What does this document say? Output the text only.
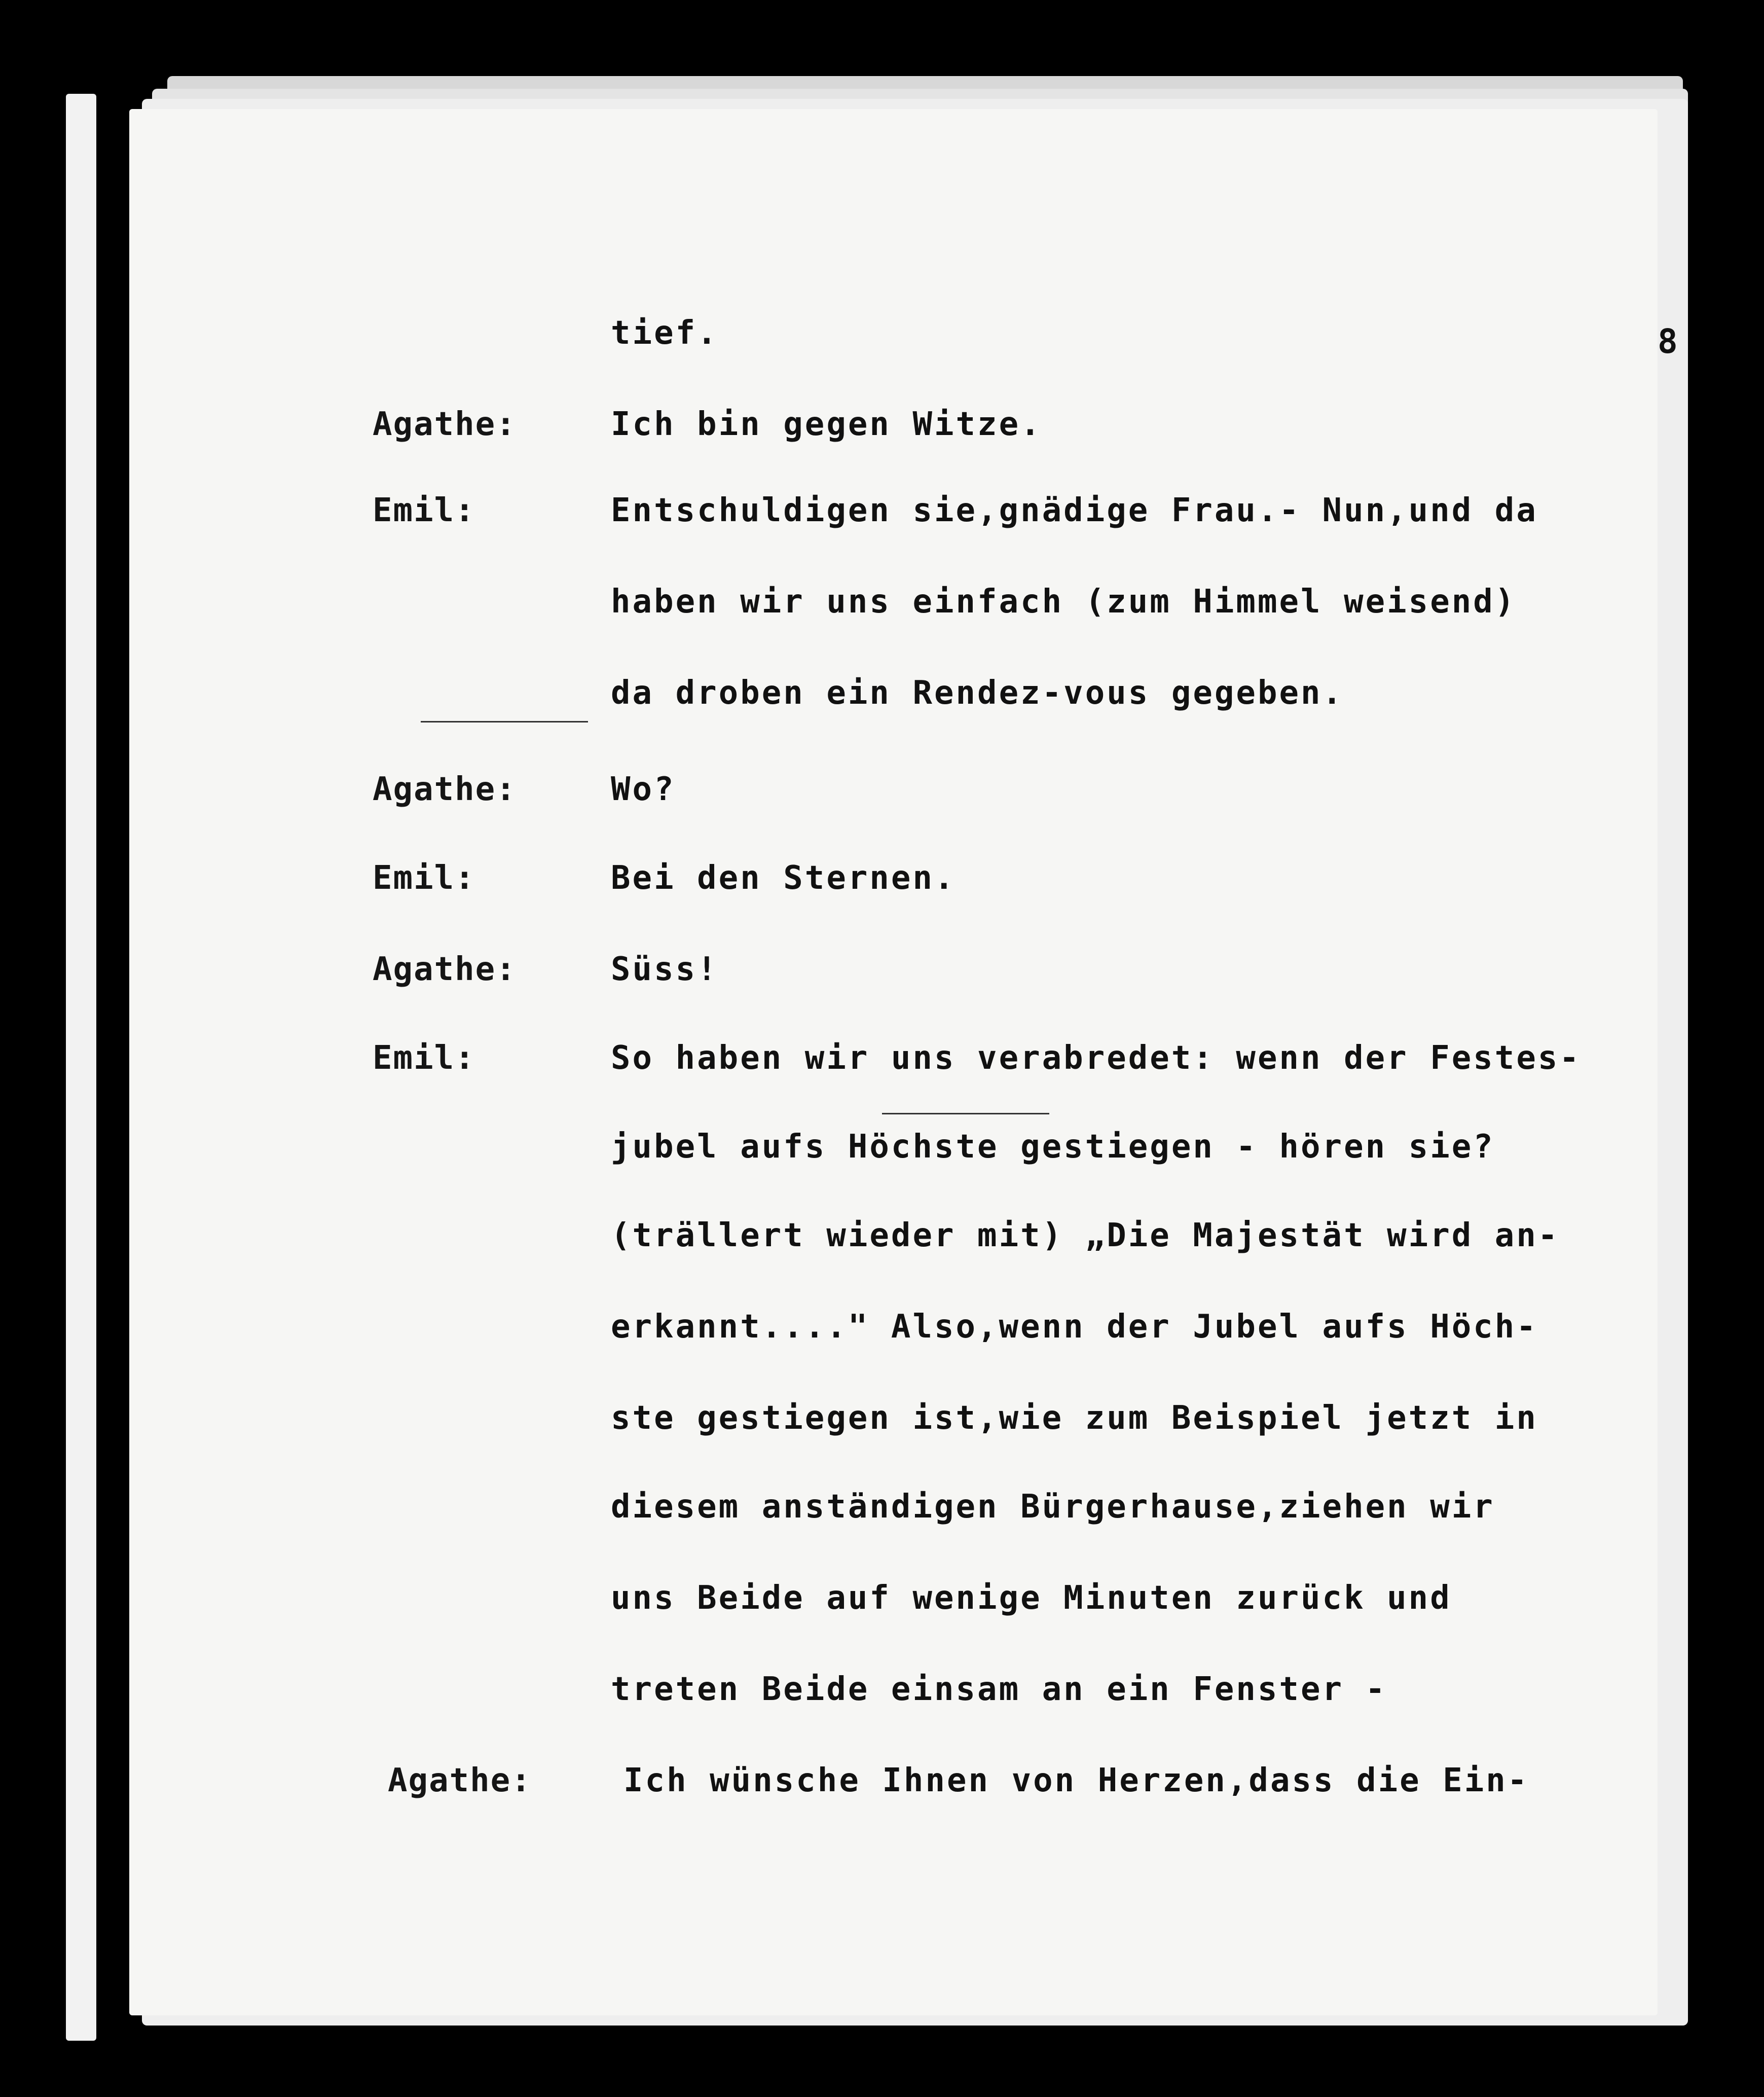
8
tief.
Agathe:	Ich bin gegen Witze.
Emil:	Entschuldigen sie,gnädige Frau.- Nun,und da
haben wir uns einfach (zum Himmel weisend)
da droben ein Rendez-vous gegeben.
Agathe:	Wo?
Emil:	Bei den Sternen.
Agathe:	Süss!
Emil:	So haben wir uns verabredet: wenn der Festes-
jubel aufs Höchste gestiegen - hören sie?
(trällert wieder mit) „Die Majestät wird an-
erkannt...." Also,wenn der Jubel aufs Höch-
ste gestiegen ist,wie zum Beispiel jetzt in
diesem anständigen Bürgerhause,ziehen wir
uns Beide auf wenige Minuten zurück und
treten Beide einsam an ein Fenster -
Agathe:	Ich wünsche Ihnen von Herzen,dass die Ein-
